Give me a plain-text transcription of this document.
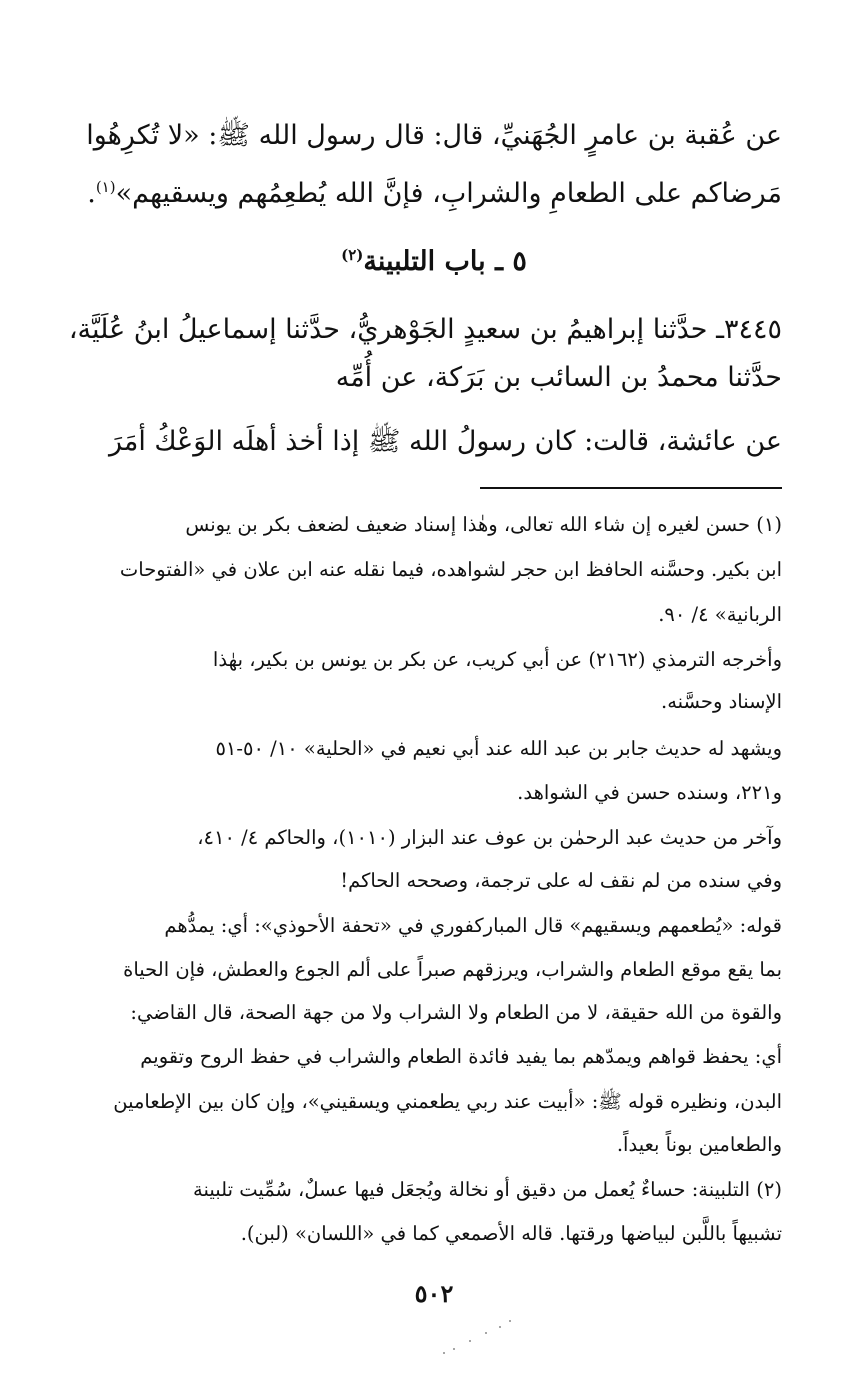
عن عُقبة بن عامرٍ الجُهَنيِّ، قال: قال رسول الله ﷺ: «لا تُكرِهُوا
مَرضاكم على الطعامِ والشرابِ، فإنَّ الله يُطعِمُهم ويسقيهم»$^{(١)}$.
٥ ـ باب التلبينة$^{(٢)}$
٣٤٤٥ـ حدَّثنا إبراهيمُ بن سعيدٍ الجَوْهريُّ، حدَّثنا إسماعيلُ ابنُ عُلَيَّة،
حدَّثنا محمدُ بن السائب بن بَرَكة، عن أُمِّه
عن عائشة، قالت: كان رسولُ الله ﷺ إذا أخذ أهلَه الوَعْكُ أمَرَ
(١) حسن لغيره إن شاء الله تعالى، وهٰذا إسناد ضعيف لضعف بكر بن يونس
ابن بكير. وحسَّنه الحافظ ابن حجر لشواهده، فيما نقله عنه ابن علان في «الفتوحات
الربانية» ٤/ ٩٠.
وأخرجه الترمذي (٢١٦٢) عن أبي كريب، عن بكر بن يونس بن بكير، بهٰذا
الإسناد وحسَّنه.
ويشهد له حديث جابر بن عبد الله عند أبي نعيم في «الحلية» ١٠/ ٥٠-٥١
و٢٢١، وسنده حسن في الشواهد.
وآخر من حديث عبد الرحمٰن بن عوف عند البزار (١٠١٠)، والحاكم ٤/ ٤١٠،
وفي سنده من لم نقف له على ترجمة، وصححه الحاكم!
قوله: «يُطعمهم ويسقيهم» قال المباركفوري في «تحفة الأحوذي»: أي: يمدُّهم
بما يقع موقع الطعام والشراب، ويرزقهم صبراً على ألم الجوع والعطش، فإن الحياة
والقوة من الله حقيقة، لا من الطعام ولا الشراب ولا من جهة الصحة، قال القاضي:
أي: يحفظ قواهم ويمدّهم بما يفيد فائدة الطعام والشراب في حفظ الروح وتقويم
البدن، ونظيره قوله ﷺ: «أبيت عند ربي يطعمني ويسقيني»، وإن كان بين الإطعامين
والطعامين بوناً بعيداً.
(٢) التلبينة: حساءٌ يُعمل من دقيق أو نخالة ويُجعَل فيها عسلٌ، سُمِّيت تلبينة
تشبيهاً باللَّبن لبياضها ورقتها. قاله الأصمعي كما في «اللسان» (لبن).
٥٠٢
